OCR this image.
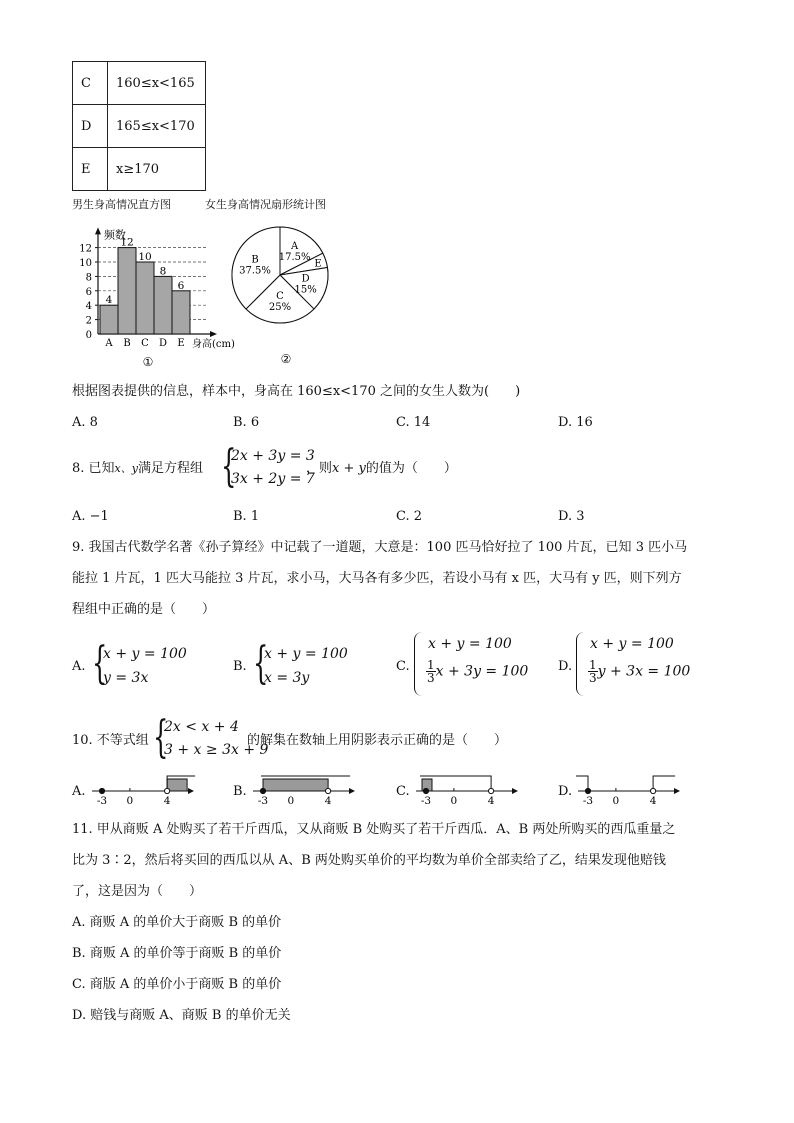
C	160≤x<165
D	165≤x<170
E	x≥170
男生身高情况直方图	女生身高情况扇形统计图
频数
0
2
4
6
8
10
12
4
A
12
B
10
C
8
D
6
E 身高(cm)
①
A
17.5%
B
37.5%
C
25%
D
15%
E
②
根据图表提供的信息，样本中，身高在 160≤x<170 之间的女生人数为(　　)
A. 8	B. 6	C. 14	D. 16
8. 已知x、y满足方程组 {
2x + 3y = 3
3x + 2y = 7
，则x + y的值为（　　）
A. −1	B. 1	C. 2	D. 3
9. 我国古代数学名著《孙子算经》中记载了一道题，大意是：100 匹马恰好拉了 100 片瓦，已知 3 匹小马
能拉 1 片瓦，1 匹大马能拉 3 片瓦，求小马，大马各有多少匹，若设小马有 x 匹，大马有 y 匹，则下列方
程组中正确的是（　　）
A. {
x + y = 100
y = 3x
B. {
x + y = 100
x = 3y
C.
x + y = 100
$\frac{1}{3}$ x + 3y = 100 D.
x + y = 100
$\frac{1}{3}$ y + 3x = 100
10. 不等式组 {
2x < x + 4
3 + x ≥ 3x + 9
的解集在数轴上用阴影表示正确的是（　　）
A.
-3 0	4
B.
-3 0	4
C.
-3 0	4
D.
-3 0	4
11. 甲从商贩 A 处购买了若干斤西瓜，又从商贩 B 处购买了若干斤西瓜．A、B 两处所购买的西瓜重量之
比为 3∶2，然后将买回的西瓜以从 A、B 两处购买单价的平均数为单价全部卖给了乙，结果发现他赔钱
了，这是因为（　　）
A. 商贩 A 的单价大于商贩 B 的单价
B. 商贩 A 的单价等于商贩 B 的单价
C. 商版 A 的单价小于商贩 B 的单价
D. 赔钱与商贩 A、商贩 B 的单价无关
